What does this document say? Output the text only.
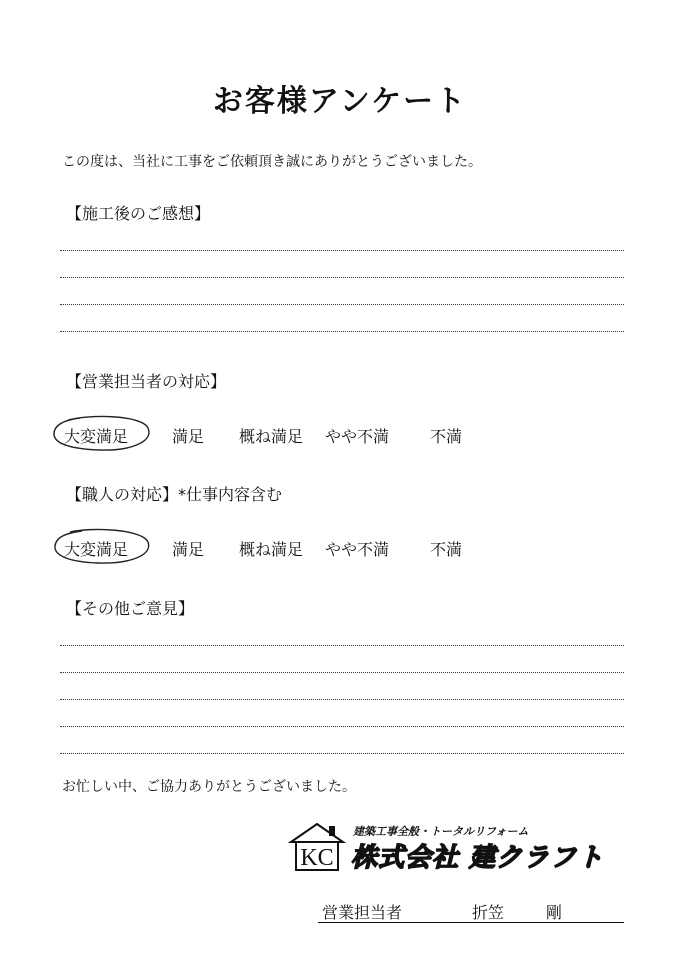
お客様アンケート
この度は、当社に工事をご依頼頂き誠にありがとうございました。
【施工後のご感想】
【営業担当者の対応】
大変満足	満足 概ね満足 やや不満	不満
【職人の対応】*仕事内容含む
大変満足	満足 概ね満足 やや不満	不満
【その他ご意見】
お忙しい中、ご協力ありがとうございました。
KC
建築工事全般・トータルリフォーム
株式会社 建クラフト
営業担当者	折笠	剛
